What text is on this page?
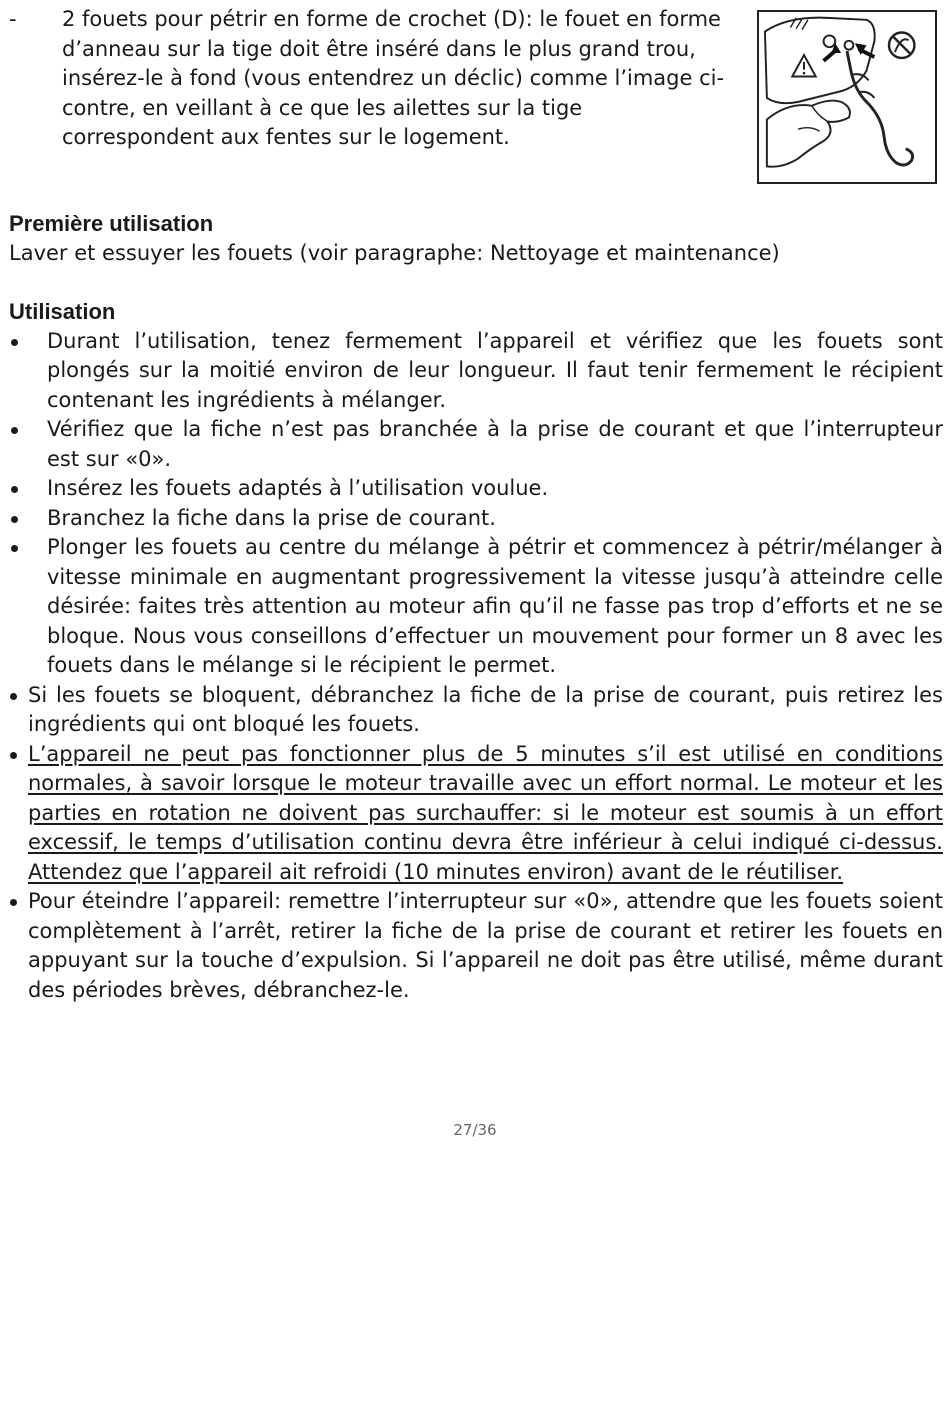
-	2 fouets pour pétrir en forme de crochet (D): le fouet en forme d’anneau sur la tige doit être inséré dans le plus grand trou, insérez-le à fond (vous entendrez un déclic) comme l’image ci-contre, en veillant à ce que les ailettes sur la tige correspondent aux fentes sur le logement.

Première utilisation

Laver et essuyer les fouets (voir paragraphe: Nettoyage et maintenance)

Utilisation

Durant l’utilisation, tenez fermement l’appareil et vérifiez que les fouets sont plongés sur la moitié environ de leur longueur. Il faut tenir fermement le récipient contenant les ingrédients à mélanger.
Vérifiez que la fiche n’est pas branchée à la prise de courant et que l’interrupteur est sur «0».
Insérez les fouets adaptés à l’utilisation voulue.
Branchez la fiche dans la prise de courant.
Plonger les fouets au centre du mélange à pétrir et commencez à pétrir/mélanger à vitesse minimale en augmentant progressivement la vitesse jusqu’à atteindre celle désirée: faites très attention au moteur afin qu’il ne fasse pas trop d’efforts et ne se bloque. Nous vous conseillons d’effectuer un mouvement pour former un 8 avec les fouets dans le mélange si le récipient le permet.
Si les fouets se bloquent, débranchez la fiche de la prise de courant, puis retirez les ingrédients qui ont bloqué les fouets.
L’appareil ne peut pas fonctionner plus de 5 minutes s’il est utilisé en conditions normales, à savoir lorsque le moteur travaille avec un effort normal. Le moteur et les parties en rotation ne doivent pas surchauffer: si le moteur est soumis à un effort excessif, le temps d’utilisation continu devra être inférieur à celui indiqué ci-dessus. Attendez que l’appareil ait refroidi (10 minutes environ) avant de le réutiliser.
Pour éteindre l’appareil: remettre l’interrupteur sur «0», attendre que les fouets soient complètement à l’arrêt, retirer la fiche de la prise de courant et retirer les fouets en appuyant sur la touche d’expulsion. Si l’appareil ne doit pas être utilisé, même durant des périodes brèves, débranchez-le.
27/36
